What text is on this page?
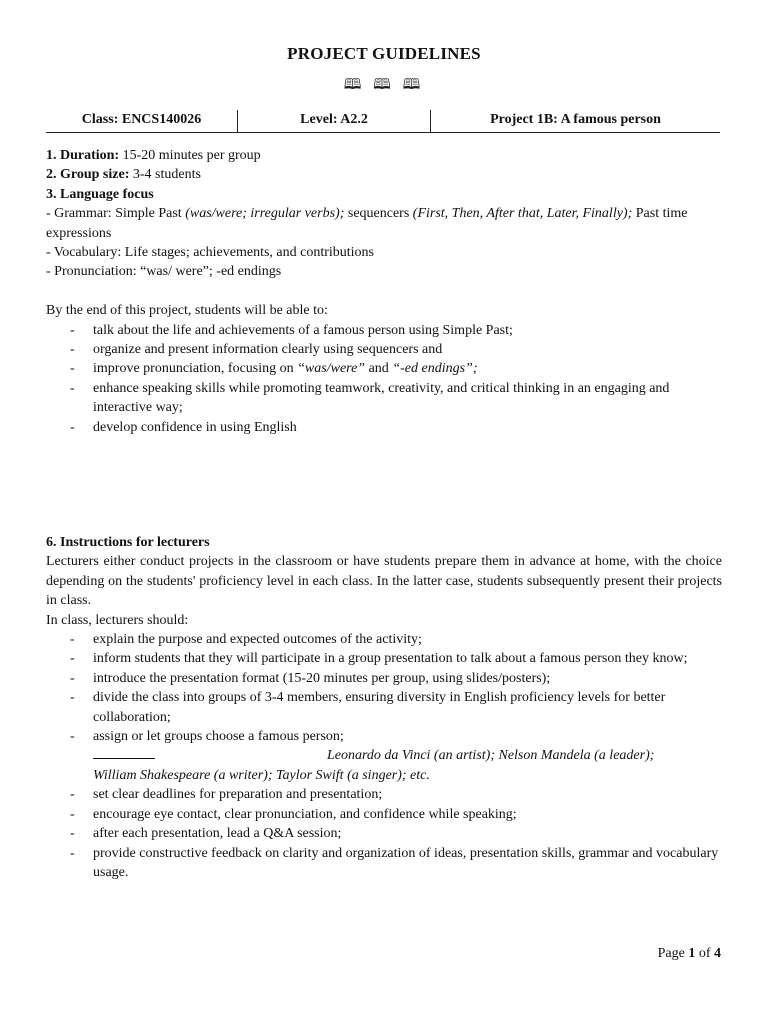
PROJECT GUIDELINES
🕮 🕮 🕮
Class: ENCS140026	Level: A2.2	Project 1B: A famous person

1. Duration: 15-20 minutes per group

2. Group size: 3-4 students

3. Language focus

- Grammar: Simple Past (was/were; irregular verbs); sequencers (First, Then, After that, Later, Finally); Past time expressions

- Vocabulary: Life stages; achievements, and contributions

- Pronunciation: “was/ were”; -ed endings

By the end of this project, students will be able to:

- talk about the life and achievements of a famous person using Simple Past;
- organize and present information clearly using sequencers and
- improve pronunciation, focusing on “was/were” and “-ed endings”;
- enhance speaking skills while promoting teamwork, creativity, and critical thinking in an engaging and interactive way;
- develop confidence in using English

6. Instructions for lecturers

Lecturers either conduct projects in the classroom or have students prepare them in advance at home, with the choice depending on the students' proficiency level in each class. In the latter case, students subsequently present their projects in class.

In class, lecturers should:

- explain the purpose and expected outcomes of the activity;
- inform students that they will participate in a group presentation to talk about a famous person they know;
- introduce the presentation format (15-20 minutes per group, using slides/posters);
- divide the class into groups of 3-4 members, ensuring diversity in English proficiency levels for better collaboration;
- assign or let groups choose a famous person;
Leonardo da Vinci (an artist); Nelson Mandela (a leader);
William Shakespeare (a writer); Taylor Swift (a singer); etc.
- set clear deadlines for preparation and presentation;
- encourage eye contact, clear pronunciation, and confidence while speaking;
- after each presentation, lead a Q&A session;
- provide constructive feedback on clarity and organization of ideas, presentation skills, grammar and vocabulary usage.
Page 1 of 4
